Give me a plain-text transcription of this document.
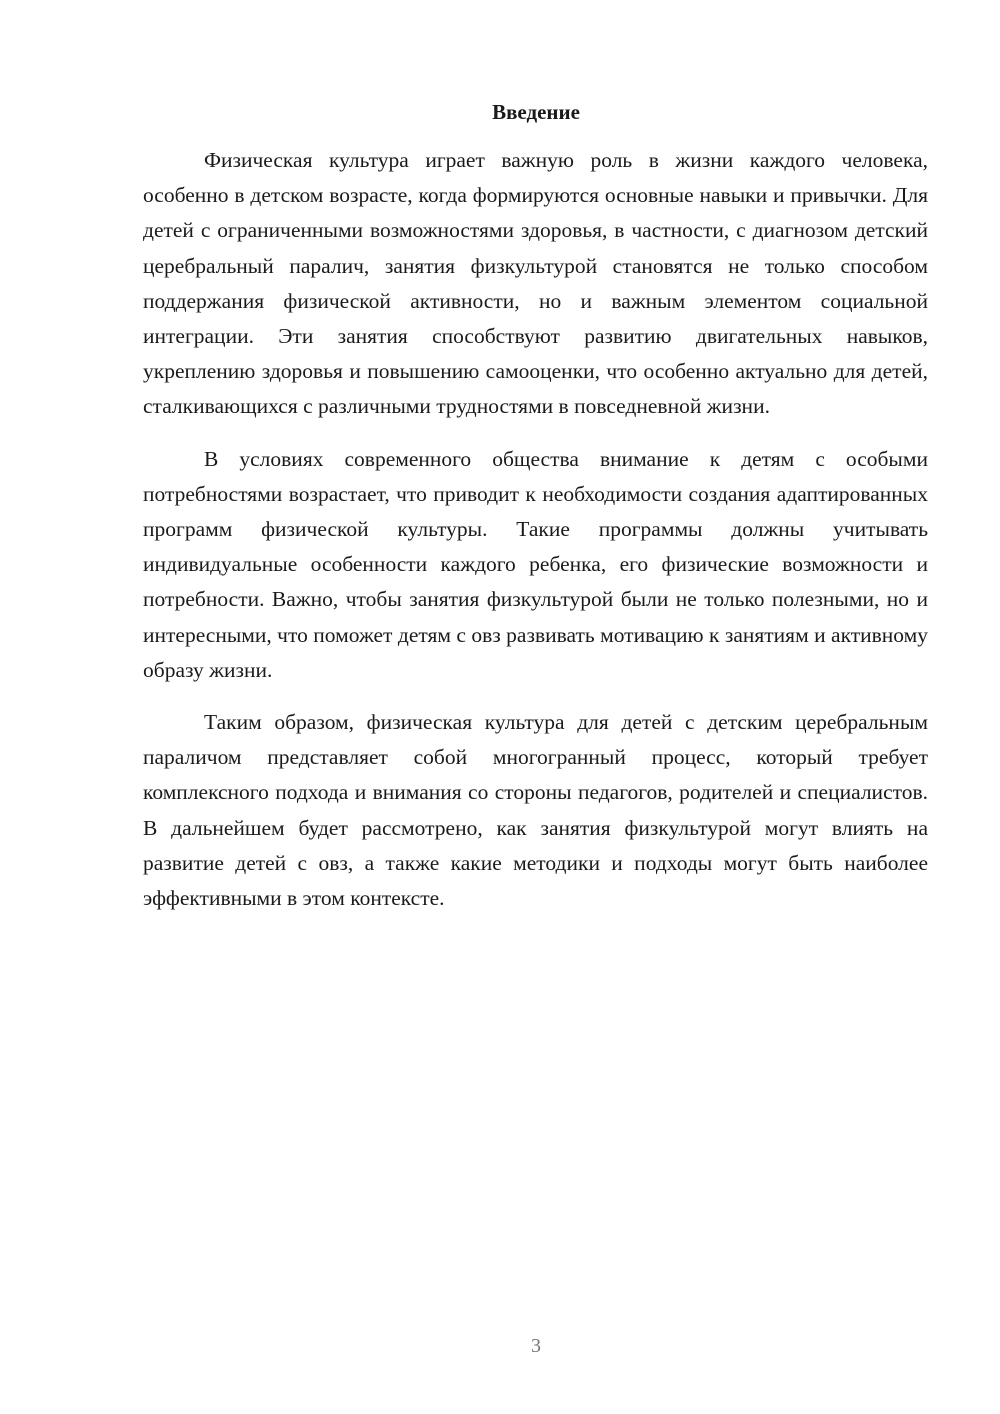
Введение

Физическая культура играет важную роль в жизни каждого человека, особенно в детском возрасте, когда формируются основные навыки и привычки. Для детей с ограниченными возможностями здоровья, в частности, с диагнозом детский церебральный паралич, занятия физкультурой становятся не только способом поддержания физической активности, но и важным элементом социальной интеграции. Эти занятия способствуют развитию двигательных навыков, укреплению здоровья и повышению самооценки, что особенно актуально для детей, сталкивающихся с различными трудностями в повседневной жизни.

В условиях современного общества внимание к детям с особыми потребностями возрастает, что приводит к необходимости создания адаптированных программ физической культуры. Такие программы должны учитывать индивидуальные особенности каждого ребенка, его физические возможности и потребности. Важно, чтобы занятия физкультурой были не только полезными, но и интересными, что поможет детям с овз развивать мотивацию к занятиям и активному образу жизни.

Таким образом, физическая культура для детей с детским церебральным параличом представляет собой многогранный процесс, который требует комплексного подхода и внимания со стороны педагогов, родителей и специалистов. В дальнейшем будет рассмотрено, как занятия физкультурой могут влиять на развитие детей с овз, а также какие методики и подходы могут быть наиболее эффективными в этом контексте.

3
